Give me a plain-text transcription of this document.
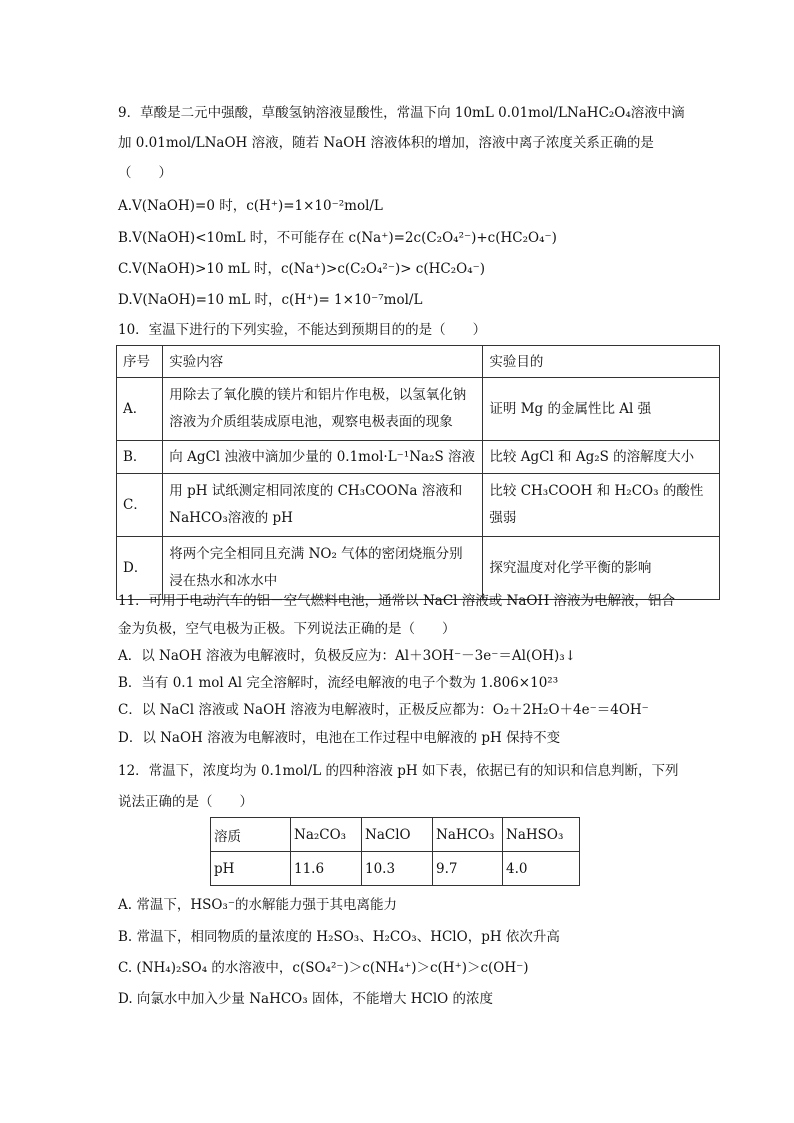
9．草酸是二元中强酸，草酸氢钠溶液显酸性，常温下向 10mL 0.01mol/LNaHC₂O₄溶液中滴
加 0.01mol/LNaOH 溶液，随若 NaOH 溶液体积的增加，溶液中离子浓度关系正确的是
（　　）
A.V(NaOH)=0 时，c(H⁺)=1×10⁻²mol/L
B.V(NaOH)<10mL 时，不可能存在 c(Na⁺)=2c(C₂O₄²⁻)+c(HC₂O₄⁻)
C.V(NaOH)>10 mL 时，c(Na⁺)>c(C₂O₄²⁻)> c(HC₂O₄⁻)
D.V(NaOH)=10 mL 时，c(H⁺)= 1×10⁻⁷mol/L
10．室温下进行的下列实验，不能达到预期目的的是（　　）
序号	实验内容	实验目的
A．	用除去了氧化膜的镁片和铝片作电极，以氢氧化钠
溶液为介质组装成原电池，观察电极表面的现象	证明 Mg 的金属性比 Al 强
B．	向 AgCl 浊液中滴加少量的 0.1mol·L⁻¹Na₂S 溶液	比较 AgCl 和 Ag₂S 的溶解度大小
C．	用 pH 试纸测定相同浓度的 CH₃COONa 溶液和
NaHCO₃溶液的 pH	比较 CH₃COOH 和 H₂CO₃ 的酸性强弱
D．	将两个完全相同且充满 NO₂ 气体的密闭烧瓶分别
浸在热水和冰水中	探究温度对化学平衡的影响
11．可用于电动汽车的铝－空气燃料电池，通常以 NaCl 溶液或 NaOH 溶液为电解液，铝合
金为负极，空气电极为正极。下列说法正确的是（　　）
A．以 NaOH 溶液为电解液时，负极反应为：Al＋3OH⁻－3e⁻＝Al(OH)₃↓
B．当有 0.1 mol Al 完全溶解时，流经电解液的电子个数为 1.806×10²³
C．以 NaCl 溶液或 NaOH 溶液为电解液时，正极反应都为：O₂＋2H₂O＋4e⁻＝4OH⁻
D．以 NaOH 溶液为电解液时，电池在工作过程中电解液的 pH 保持不变
12．常温下，浓度均为 0.1mol/L 的四种溶液 pH 如下表，依据已有的知识和信息判断，下列
说法正确的是（　　）
溶质	Na₂CO₃	NaClO	NaHCO₃	NaHSO₃
pH	11.6	10.3	9.7	4.0
A. 常温下，HSO₃⁻的水解能力强于其电离能力
B. 常温下，相同物质的量浓度的 H₂SO₃、H₂CO₃、HClO，pH 依次升高
C. (NH₄)₂SO₄ 的水溶液中，c(SO₄²⁻)＞c(NH₄⁺)＞c(H⁺)＞c(OH⁻)
D. 向氯水中加入少量 NaHCO₃ 固体，不能增大 HClO 的浓度
